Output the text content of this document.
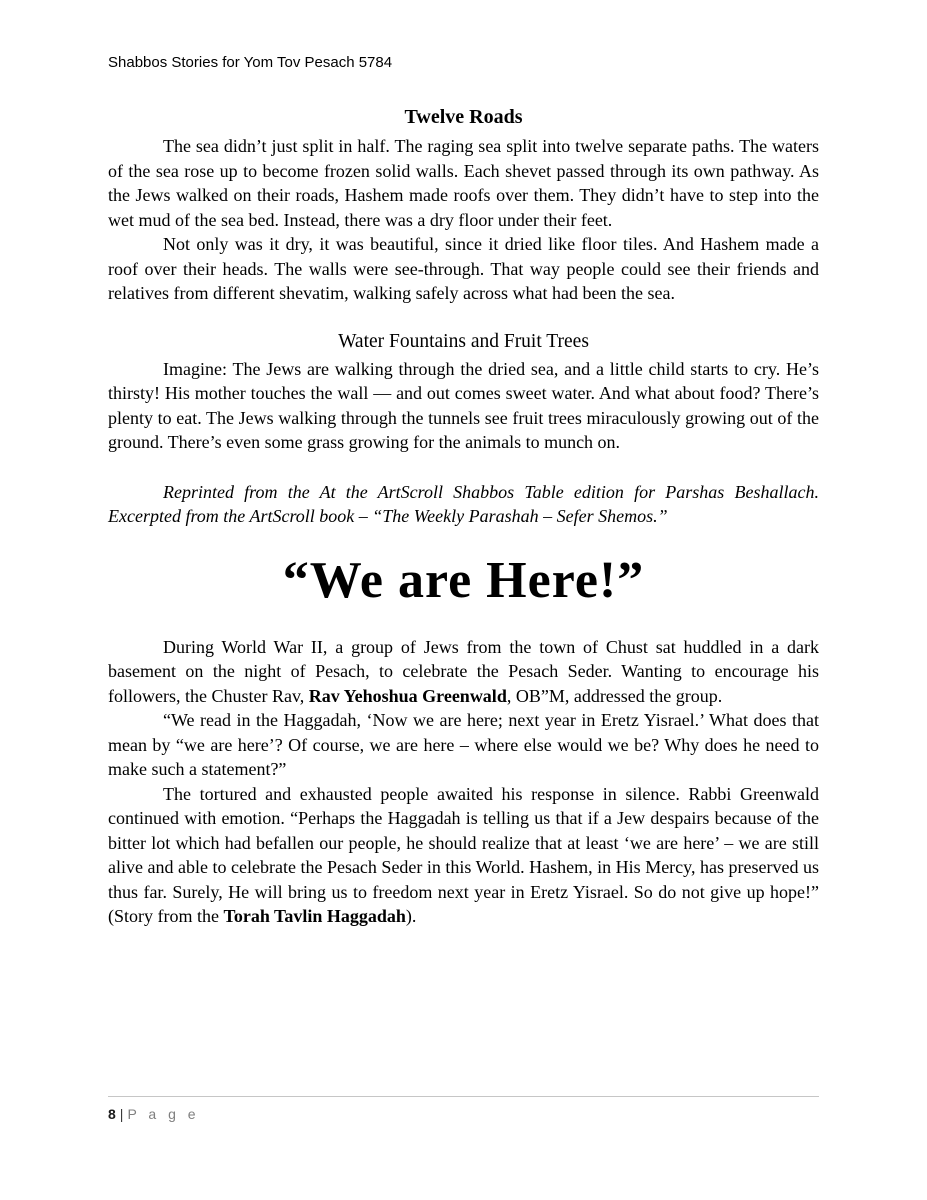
Shabbos Stories for Yom Tov Pesach 5784
Twelve Roads

The sea didn’t just split in half. The raging sea split into twelve separate paths. The waters of the sea rose up to become frozen solid walls. Each shevet passed through its own pathway. As the Jews walked on their roads, Hashem made roofs over them. They didn’t have to step into the wet mud of the sea bed. Instead, there was a dry floor under their feet.

Not only was it dry, it was beautiful, since it dried like floor tiles. And Hashem made a roof over their heads. The walls were see-through. That way people could see their friends and relatives from different shevatim, walking safely across what had been the sea.

Water Fountains and Fruit Trees

Imagine: The Jews are walking through the dried sea, and a little child starts to cry. He’s thirsty! His mother touches the wall — and out comes sweet water. And what about food? There’s plenty to eat. The Jews walking through the tunnels see fruit trees miraculously growing out of the ground. There’s even some grass growing for the animals to munch on.

Reprinted from the At the ArtScroll Shabbos Table edition for Parshas Beshallach. Excerpted from the ArtScroll book – “The Weekly Parashah – Sefer Shemos.”

“We are Here!”

During World War II, a group of Jews from the town of Chust sat huddled in a dark basement on the night of Pesach, to celebrate the Pesach Seder. Wanting to encourage his followers, the Chuster Rav, Rav Yehoshua Greenwald, OB”M, addressed the group.

“We read in the Haggadah, ‘Now we are here; next year in Eretz Yisrael.’ What does that mean by “we are here’? Of course, we are here – where else would we be? Why does he need to make such a statement?”

The tortured and exhausted people awaited his response in silence. Rabbi Greenwald continued with emotion. “Perhaps the Haggadah is telling us that if a Jew despairs because of the bitter lot which had befallen our people, he should realize that at least ‘we are here’ – we are still alive and able to celebrate the Pesach Seder in this World. Hashem, in His Mercy, has preserved us thus far. Surely, He will bring us to freedom next year in Eretz Yisrael. So do not give up hope!” (Story from the Torah Tavlin Haggadah).

8 | P a g e
